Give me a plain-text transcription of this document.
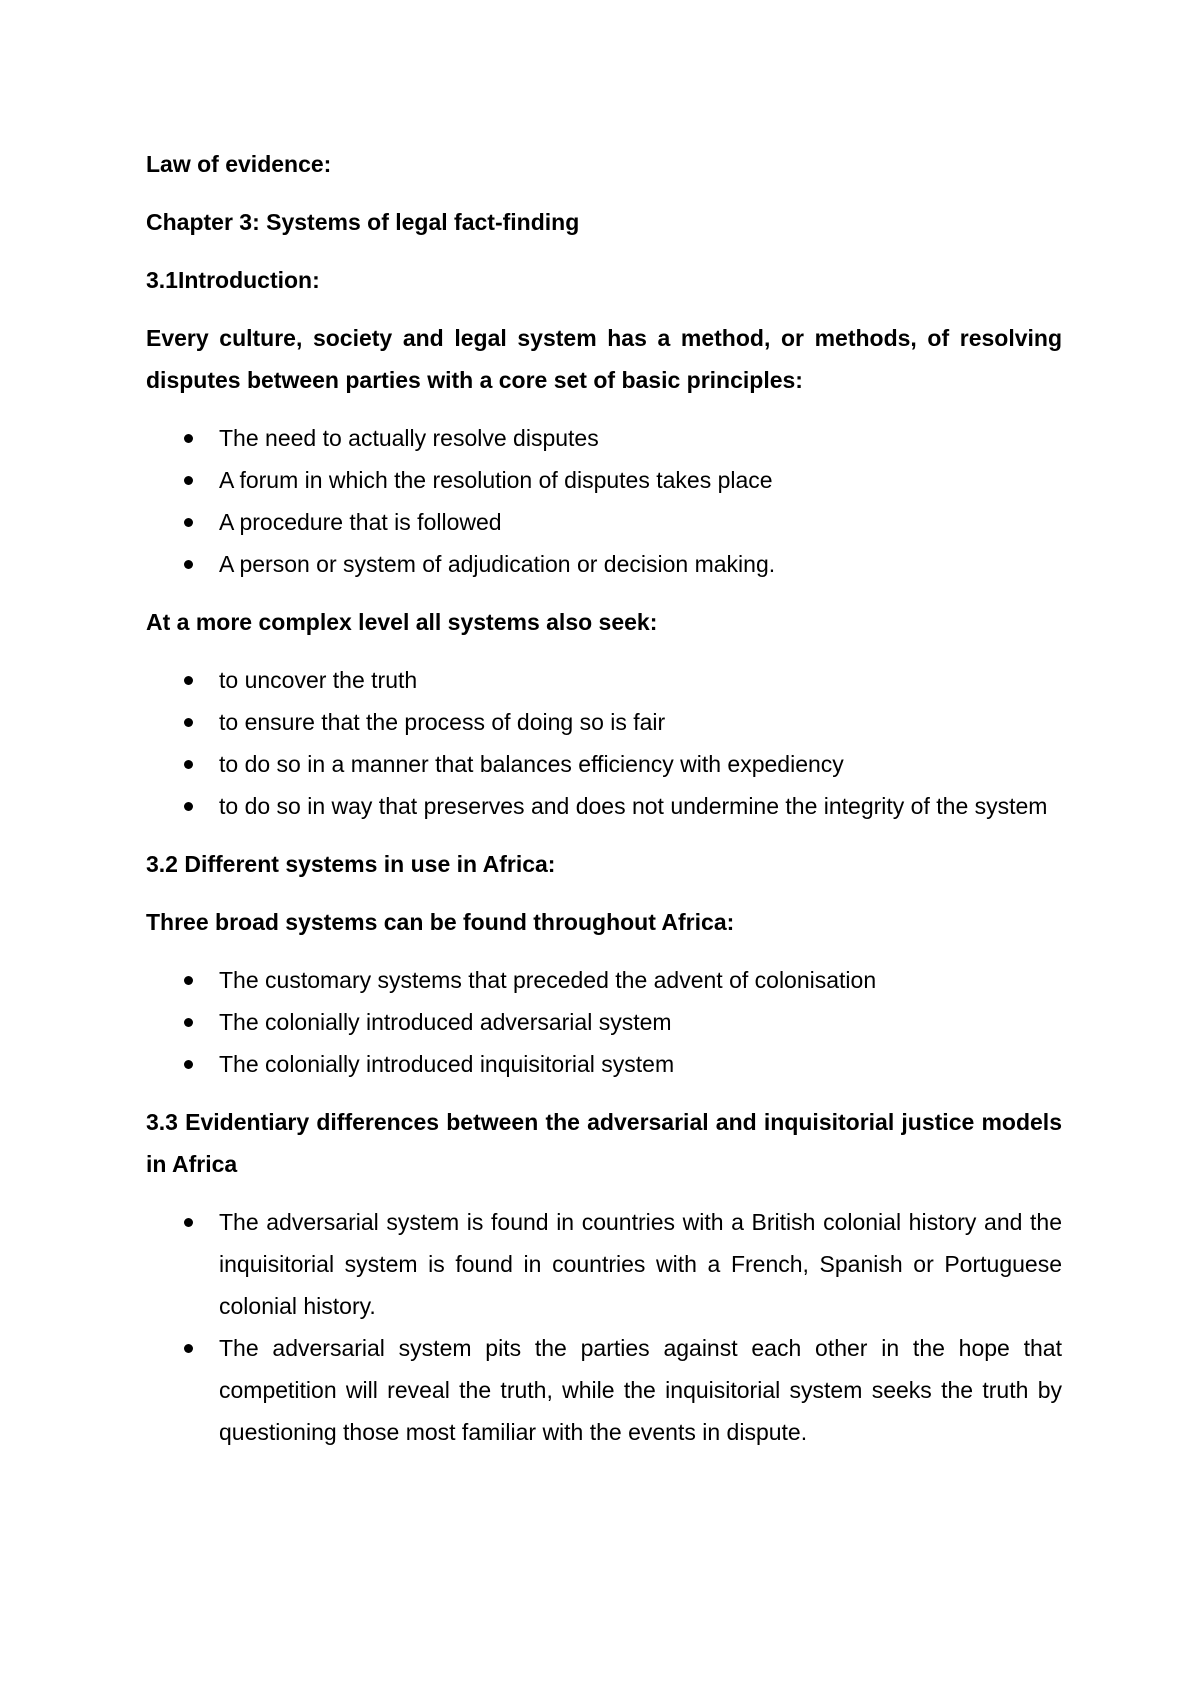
Law of evidence:
Chapter 3: Systems of legal fact-finding
3.1Introduction:
Every culture, society and legal system has a method, or methods, of resolving disputes between parties with a core set of basic principles:
The need to actually resolve disputes
A forum in which the resolution of disputes takes place
A procedure that is followed
A person or system of adjudication or decision making.
At a more complex level all systems also seek:
to uncover the truth
to ensure that the process of doing so is fair
to do so in a manner that balances efficiency with expediency
to do so in way that preserves and does not undermine the integrity of the system
3.2 Different systems in use in Africa:
Three broad systems can be found throughout Africa:
The customary systems that preceded the advent of colonisation
The colonially introduced adversarial system
The colonially introduced inquisitorial system
3.3 Evidentiary differences between the adversarial and inquisitorial justice models in Africa
The adversarial system is found in countries with a British colonial history and the inquisitorial system is found in countries with a French, Spanish or Portuguese colonial history.
The adversarial system pits the parties against each other in the hope that competition will reveal the truth, while the inquisitorial system seeks the truth by questioning those most familiar with the events in dispute.
